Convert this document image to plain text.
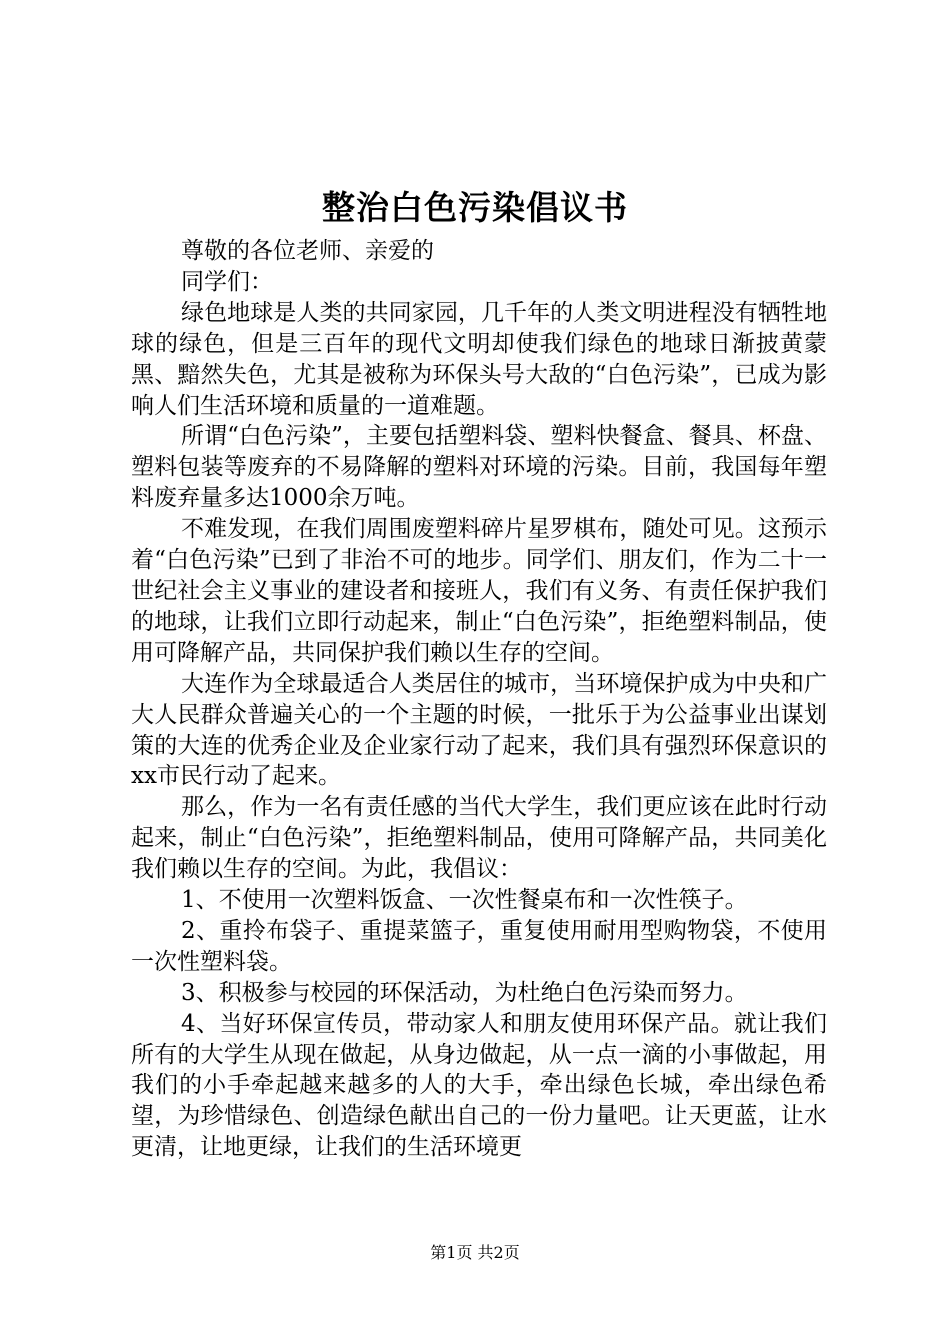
整治白色污染倡议书

尊敬的各位老师、亲爱的

同学们：

绿色地球是人类的共同家园，几千年的人类文明进程没有牺牲地球的绿色，但是三百年的现代文明却使我们绿色的地球日渐披黄蒙黑、黯然失色，尤其是被称为环保头号大敌的“白色污染”，已成为影响人们生活环境和质量的一道难题。

所谓“白色污染”，主要包括塑料袋、塑料快餐盒、餐具、杯盘、塑料包装等废弃的不易降解的塑料对环境的污染。目前，我国每年塑料废弃量多达1000余万吨。

不难发现，在我们周围废塑料碎片星罗棋布，随处可见。这预示着“白色污染”已到了非治不可的地步。同学们、朋友们，作为二十一世纪社会主义事业的建设者和接班人，我们有义务、有责任保护我们的地球，让我们立即行动起来，制止“白色污染”，拒绝塑料制品，使用可降解产品，共同保护我们赖以生存的空间。

大连作为全球最适合人类居住的城市，当环境保护成为中央和广大人民群众普遍关心的一个主题的时候，一批乐于为公益事业出谋划策的大连的优秀企业及企业家行动了起来，我们具有强烈环保意识的xx市民行动了起来。

那么，作为一名有责任感的当代大学生，我们更应该在此时行动起来，制止“白色污染”，拒绝塑料制品，使用可降解产品，共同美化我们赖以生存的空间。为此，我倡议：

1、不使用一次塑料饭盒、一次性餐桌布和一次性筷子。

2、重拎布袋子、重提菜篮子，重复使用耐用型购物袋，不使用一次性塑料袋。

3、积极参与校园的环保活动，为杜绝白色污染而努力。

4、当好环保宣传员，带动家人和朋友使用环保产品。就让我们所有的大学生从现在做起，从身边做起，从一点一滴的小事做起，用我们的小手牵起越来越多的人的大手，牵出绿色长城，牵出绿色希望，为珍惜绿色、创造绿色献出自己的一份力量吧。让天更蓝，让水更清，让地更绿，让我们的生活环境更

第1页 共2页
